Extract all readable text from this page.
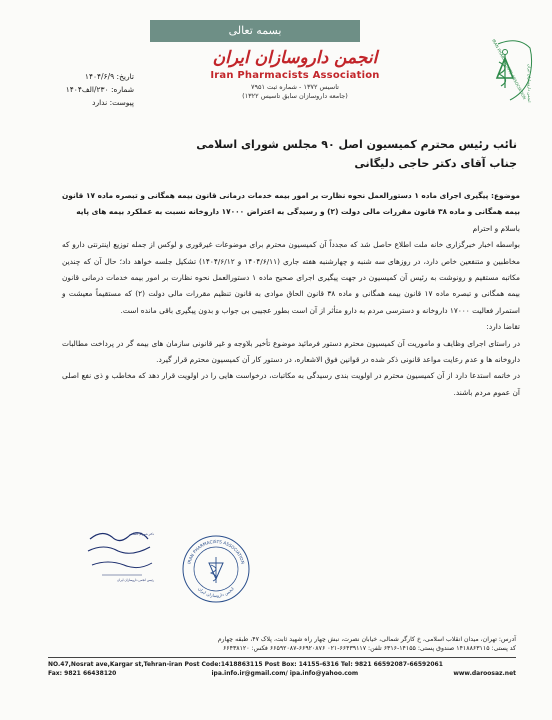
بسمه تعالی
انجمن داروسازان ایران
Iran Pharmacists Association
تاسیس ۱۳۷۲ - شماره ثبت ۷۹۵۱
(جامعه داروسازان سابق تاسیس ۱۳۲۲)
تاریخ: ۱۴۰۴/۶/۹
شماره: ۲۳۰/الف۱۴۰۴
پیوست: ندارد
IRAN PHARMACISTS ASSOCIATION انجمن داروسازان ایران
نائب رئیس محترم کمیسیون اصل ۹۰ مجلس شورای اسلامی
جناب آقای دکتر حاجی دلیگانی

موضوع: پیگیری اجرای ماده ۱ دستورالعمل نحوه نظارت بر امور بیمه خدمات درمانی قانون بیمه همگانی و تبصره ماده ۱۷ قانون بیمه همگانی و ماده ۳۸ قانون مقررات مالی دولت (۲) و رسیدگی به اعتراض ۱۷۰۰۰ داروخانه نسبت به عملکرد بیمه های پایه

باسلام و احترام

بواسطه اخبار خبرگزاری خانه ملت اطلاع حاصل شد که مجدداً آن کمیسیون محترم برای موضوعات غیرقوری و لوکس از جمله توزیع اینترنتی دارو که مخاطبین و متنفعین خاص دارد، در روزهای سه شنبه و چهارشنبه هفته جاری (۱۴۰۴/۶/۱۱ و ۱۴۰۴/۶/۱۲) تشکیل جلسه خواهد داد؛ حال آن که چندین مکاتبه مستقیم و رونوشت به رئیس آن کمیسیون در جهت پیگیری اجرای صحیح ماده ۱ دستورالعمل نحوه نظارت بر امور بیمه خدمات درمانی قانون بیمه همگانی و تبصره ماده ۱۷ قانون بیمه همگانی و ماده ۳۸ قانون الحاق موادی به قانون تنظیم مقررات مالی دولت (۲) که مستقیماً معیشت و استمرار فعالیت ۱۷۰۰۰ داروخانه و دسترسی مردم به دارو متأثر از آن است بطور عجیبی بی جواب و بدون پیگیری باقی مانده است.

تقاضا دارد:

در راستای اجرای وظایف و ماموریت آن کمیسیون محترم دستور فرمائید موضوع تأخیر بلاوجه و غیر قانونی سازمان های بیمه گر در پرداخت مطالبات داروخانه ها و عدم رعایت مواعد قانونی ذکر شده در قوانین فوق الاشعاره، در دستور کار آن کمیسیون محترم قرار گیرد.

در خاتمه استدعا دارد از آن کمیسیون محترم در اولویت بندی رسیدگی به مکاتبات، درخواست هایی را در اولویت قرار دهد که مخاطب و ذی نفع اصلی آن عموم مردم باشند.

دکتر شهرام کاشانی
رئیس انجمن داروسازان ایران
IRAN PHARMACISTS ASSOCIATION
انجمن داروسازان ایران
آدرس: تهران، میدان انقلاب اسلامی، خ کارگر شمالی، خیابان نصرت، نبش چهار راه شهید ثابت، پلاک ۴۷، طبقه چهارم
کد پستی: ۱۴۱۸۸۶۳۱۱۵ صندوق پستی: ۱۴۱۵۵-۶۳۱۶ تلفن: ۶۶۴۳۹۱۱۷-۰۲۱ ۶۶۹۲۰۸۷۶-۶۶۵۹۲۰۸۷ فکس: ۶۶۴۳۸۱۲۰
NO.47,Nosrat ave,Kargar st,Tehran-iran Post Code:1418863115 Post Box: 14155-6316 Tel: 9821 66592087-66592061
Fax: 9821 66438120	ipa.info.ir@gmail.com/ ipa.info@yahoo.com	www.daroosaz.net
